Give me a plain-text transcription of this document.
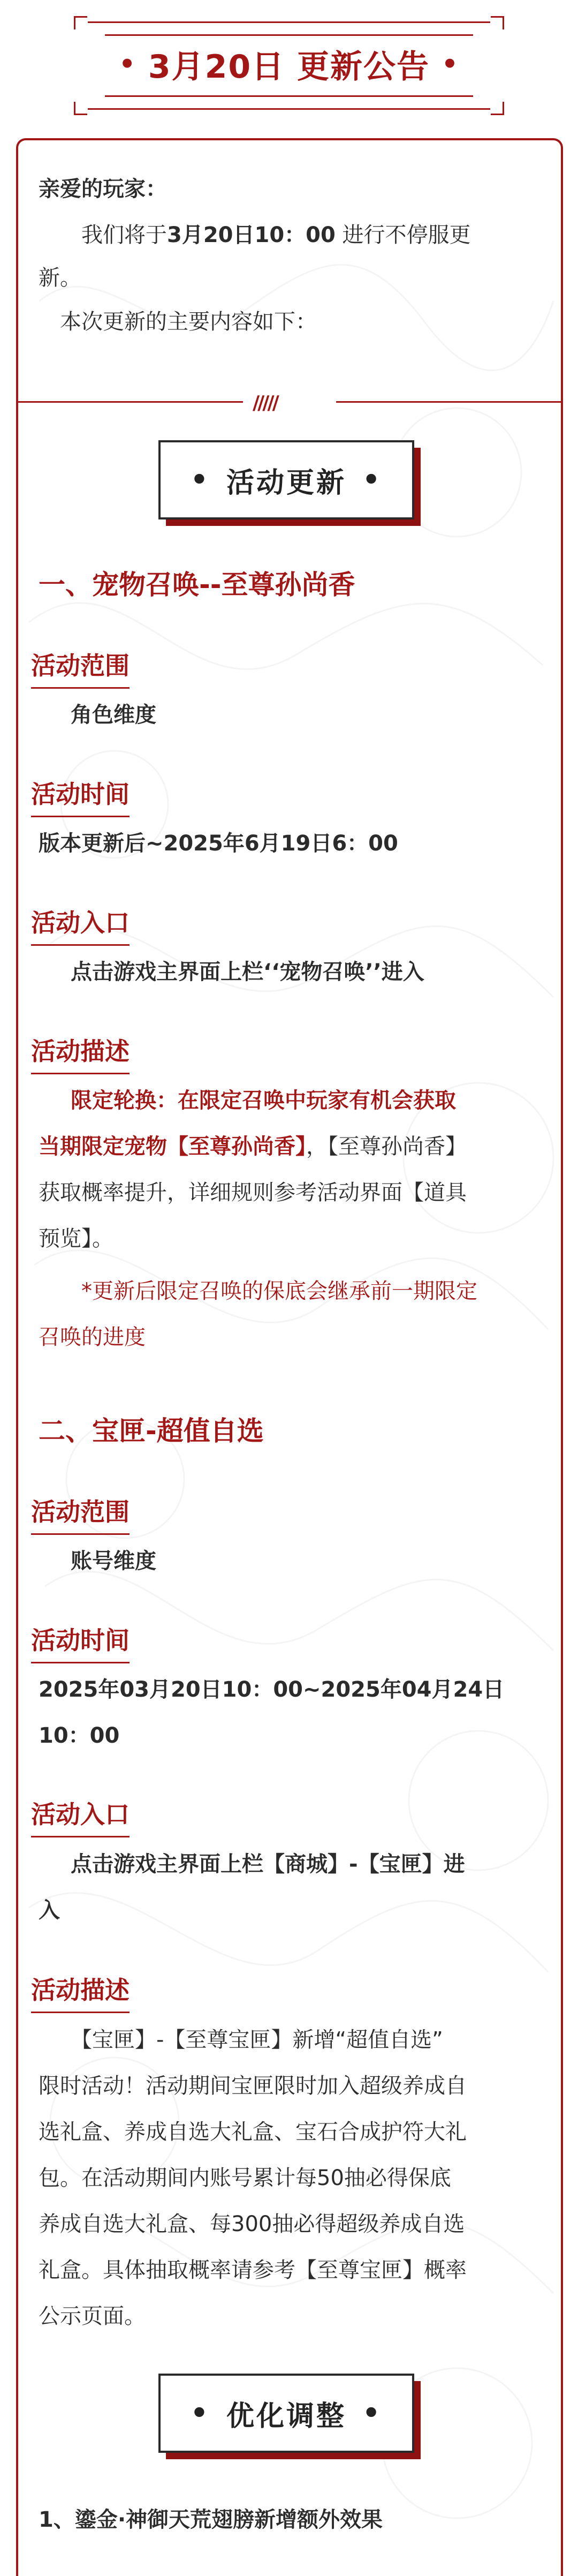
• 3月20日 更新公告 •
亲爱的玩家：
我们将于3月20日10：00 进行不停服更
新。
本次更新的主要内容如下：
/////
• 活动更新 •
一、宠物召唤--至尊孙尚香
活动范围
角色维度
活动时间
版本更新后~2025年6月19日6：00
活动入口
点击游戏主界面上栏‘‘宠物召唤’’进入
活动描述
限定轮换：在限定召唤中玩家有机会获取
当期限定宠物【至尊孙尚香】，【至尊孙尚香】
获取概率提升，详细规则参考活动界面【道具
预览】。
*更新后限定召唤的保底会继承前一期限定
召唤的进度
二、宝匣-超值自选
活动范围
账号维度
活动时间
2025年03月20日10：00~2025年04月24日
10：00
活动入口
点击游戏主界面上栏【商城】-【宝匣】进
入
活动描述
【宝匣】-【至尊宝匣】新增“超值自选”
限时活动！活动期间宝匣限时加入超级养成自
选礼盒、养成自选大礼盒、宝石合成护符大礼
包。在活动期间内账号累计每50抽必得保底
养成自选大礼盒、每300抽必得超级养成自选
礼盒。具体抽取概率请参考【至尊宝匣】概率
公示页面。
• 优化调整 •
1、鎏金·神御天荒翅膀新增额外效果
